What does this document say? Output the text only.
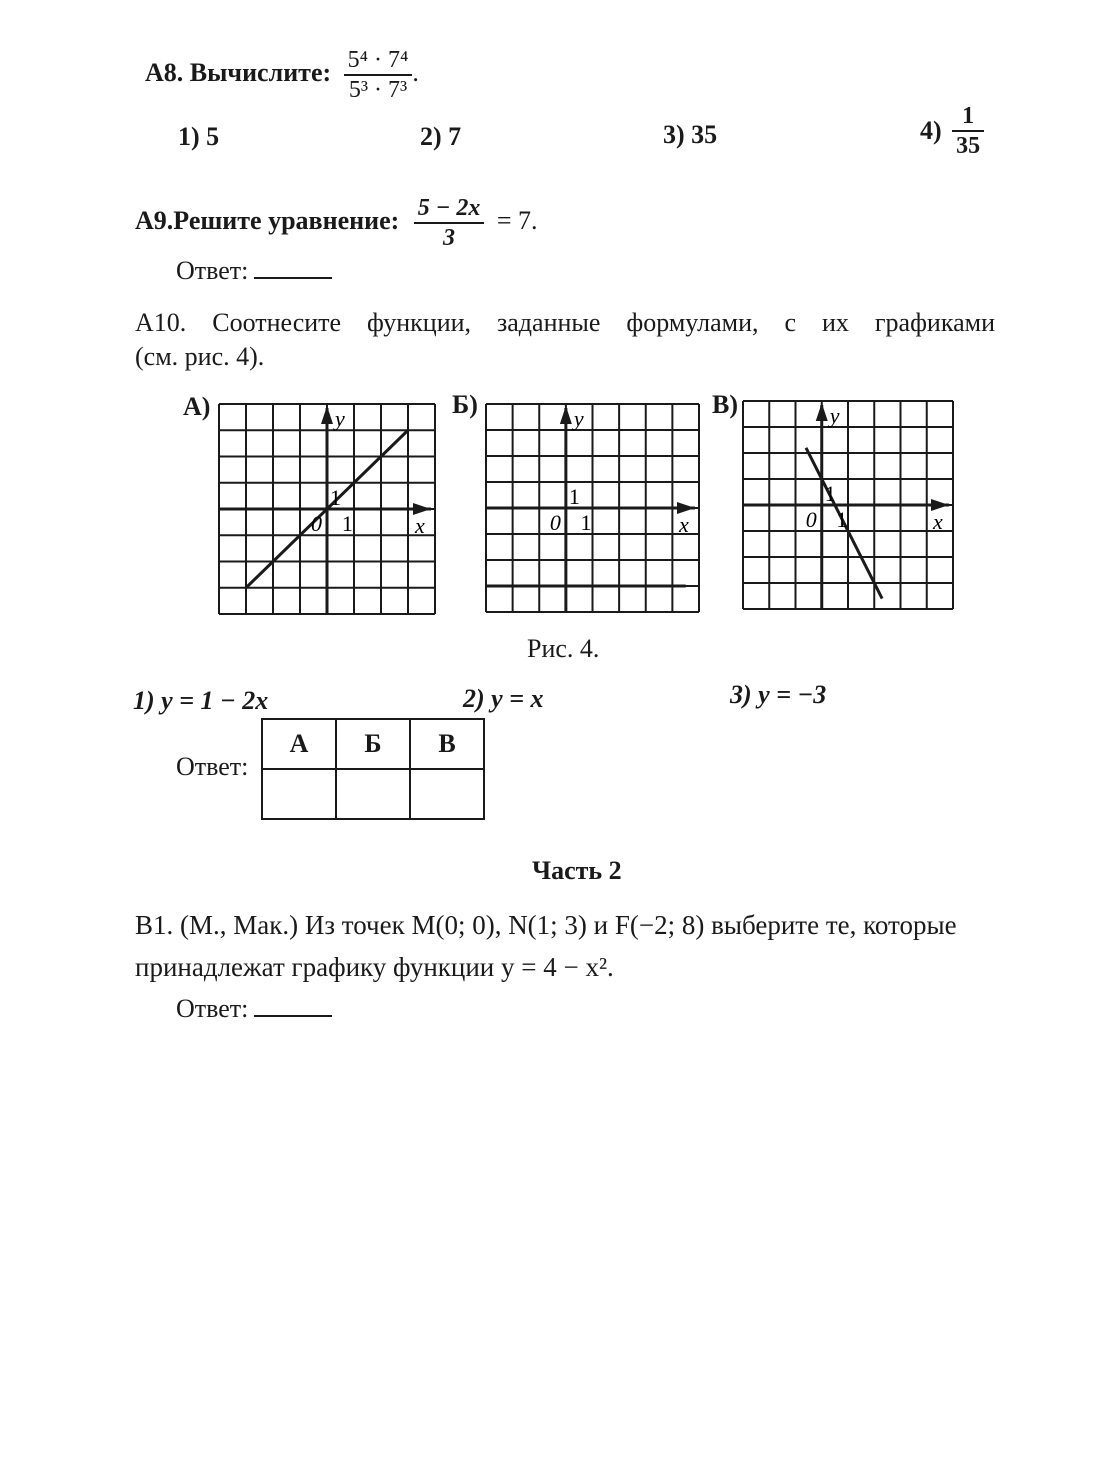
A8. Вычислите: $\frac{\text{5⁴ · 7⁴}}{\text{5³ · 7³}}$ .
1) 5	2) 7	3) 35	$4) \frac{1}{35}$
A9.Решите уравнение: $\frac{5 - 2x}{3} = 7$.
Ответ:
A10. Соотнесите функции, заданные формулами, с их графиками
(см. рис. 4).
A)	y
x
0 1
1
Б)	y
x
0 1
1
В)	y
x
0 1
1
Рис. 4.
1) y = 1 − 2x	2) y = x	3) y = −3
Ответ:
А	Б	В

Часть 2
B1. (М., Мак.) Из точек M(0; 0), N(1; 3) и F(−2; 8) выберите те, которые
принадлежат графику функции y = 4 − x².
Ответ:
